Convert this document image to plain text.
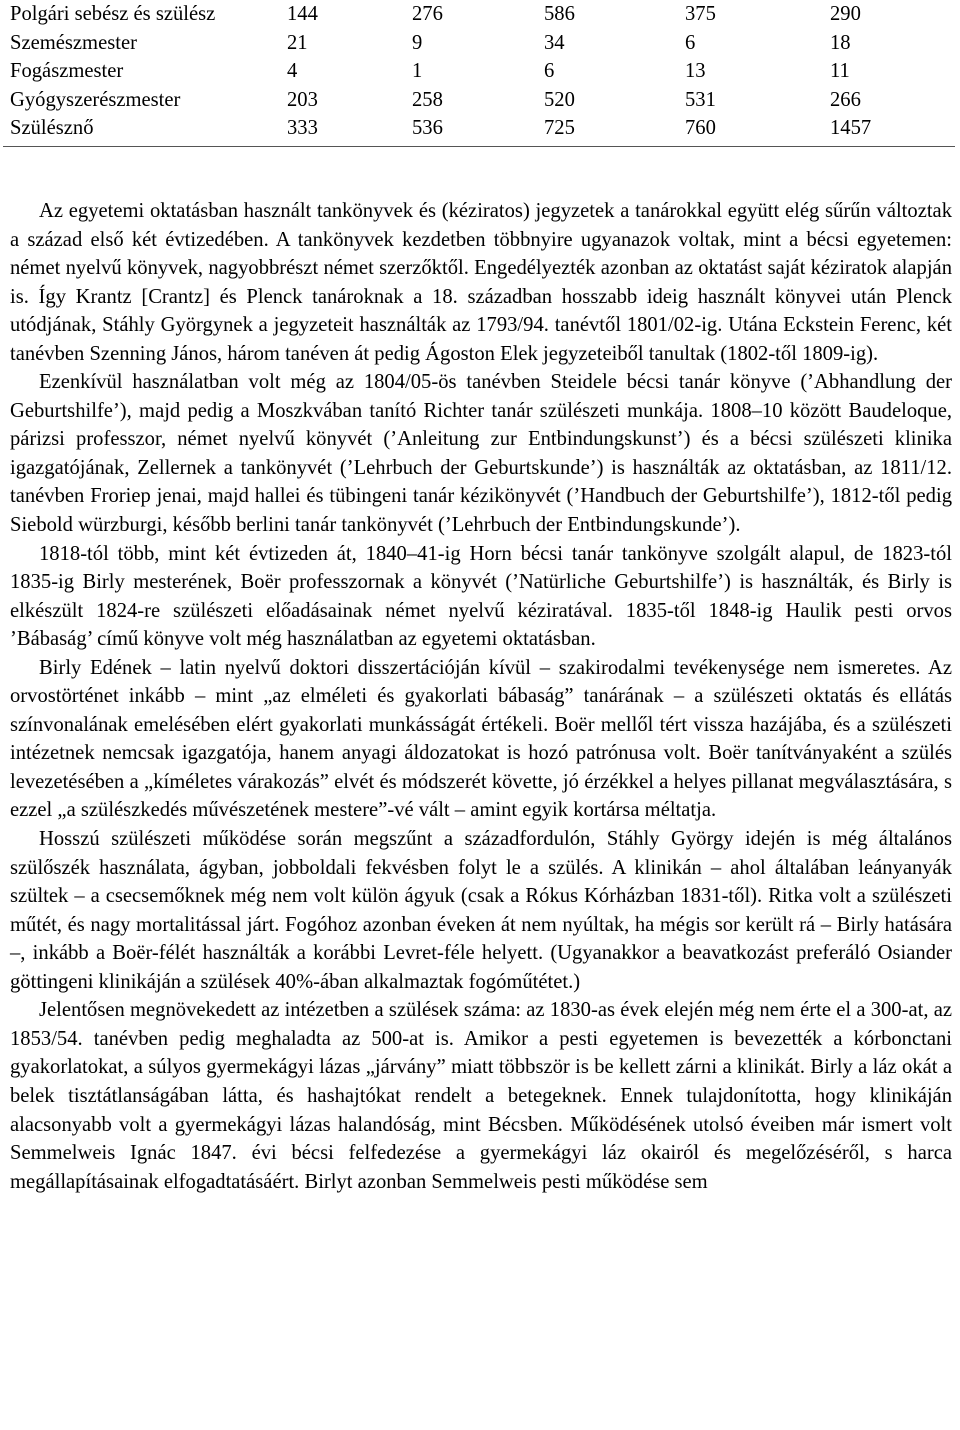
Polgári sebész és szülész	144	276	586	375	290
Szemészmester	21	9	34	6	18
Fogászmester	4	1	6	13	11
Gyógyszerészmester	203	258	520	531	266
Szülésznő	333	536	725	760	1457

Az egyetemi oktatásban használt tankönyvek és (kéziratos) jegyzetek a tanárokkal együtt elég sűrűn változtak a század első két évtizedében. A tankönyvek kezdetben többnyire ugyanazok voltak, mint a bécsi egyetemen: német nyelvű könyvek, nagyobbrészt német szerzőktől. Engedélyezték azonban az oktatást saját kéziratok alapján is. Így Krantz [Crantz] és Plenck tanároknak a 18. században hosszabb ideig használt könyvei után Plenck utódjának, Stáhly Györgynek a jegyzeteit használták az 1793/94. tanévtől 1801/02-ig. Utána Eckstein Ferenc, két tanévben Szenning János, három tanéven át pedig Ágoston Elek jegyzeteiből tanultak (1802-től 1809-ig).

Ezenkívül használatban volt még az 1804/05-ös tanévben Steidele bécsi tanár könyve (’Abhandlung der Geburtshilfe’), majd pedig a Moszkvában tanító Richter tanár szülészeti munkája. 1808–10 között Baudeloque, párizsi professzor, német nyelvű könyvét (’Anleitung zur Entbindungskunst’) és a bécsi szülészeti klinika igazgatójának, Zellernek a tankönyvét (’Lehrbuch der Geburtskunde’) is használták az oktatásban, az 1811/12. tanévben Froriep jenai, majd hallei és tübingeni tanár kézikönyvét (’Handbuch der Geburtshilfe’), 1812-től pedig Siebold würzburgi, később berlini tanár tankönyvét (’Lehrbuch der Entbindungskunde’).

1818-tól több, mint két évtizeden át, 1840–41-ig Horn bécsi tanár tankönyve szolgált alapul, de 1823-tól 1835-ig Birly mesterének, Boër professzornak a könyvét (’Natürliche Geburtshilfe’) is használták, és Birly is elkészült 1824-re szülészeti előadásainak német nyelvű kéziratával. 1835-től 1848-ig Haulik pesti orvos ’Bábaság’ című könyve volt még használatban az egyetemi oktatásban.

Birly Edének – latin nyelvű doktori disszertációján kívül – szakirodalmi tevékenysége nem ismeretes. Az orvostörténet inkább – mint „az elméleti és gyakorlati bábaság” tanárának – a szülészeti oktatás és ellátás színvonalának emelésében elért gyakorlati munkásságát értékeli. Boër mellől tért vissza hazájába, és a szülészeti intézetnek nemcsak igazgatója, hanem anyagi áldozatokat is hozó patrónusa volt. Boër tanítványaként a szülés levezetésében a „kíméletes várakozás” elvét és módszerét követte, jó érzékkel a helyes pillanat megválasztására, s ezzel „a szülészkedés művészetének mestere”-vé vált – amint egyik kortársa méltatja.

Hosszú szülészeti működése során megszűnt a századfordulón, Stáhly György idején is még általános szülőszék használata, ágyban, jobboldali fekvésben folyt le a szülés. A klinikán – ahol általában leányanyák szültek – a csecsemőknek még nem volt külön ágyuk (csak a Rókus Kórházban 1831-től). Ritka volt a szülészeti műtét, és nagy mortalitással járt. Fogóhoz azonban éveken át nem nyúltak, ha mégis sor került rá – Birly hatására –, inkább a Boër-félét használták a korábbi Levret-féle helyett. (Ugyanakkor a beavatkozást preferáló Osiander göttingeni klinikáján a szülések 40%-ában alkalmaztak fogóműtétet.)

Jelentősen megnövekedett az intézetben a szülések száma: az 1830-as évek elején még nem érte el a 300-at, az 1853/54. tanévben pedig meghaladta az 500-at is. Amikor a pesti egyetemen is bevezették a kórbonctani gyakorlatokat, a súlyos gyermekágyi lázas „járvány” miatt többször is be kellett zárni a klinikát. Birly a láz okát a belek tisztátlanságában látta, és hashajtókat rendelt a betegeknek. Ennek tulajdonította, hogy klinikáján alacsonyabb volt a gyermekágyi lázas halandóság, mint Bécsben. Működésének utolsó éveiben már ismert volt Semmelweis Ignác 1847. évi bécsi felfedezése a gyermekágyi láz okairól és megelőzéséről, s harca megállapításainak elfogadtatásáért. Birlyt azonban Semmelweis pesti működése sem
